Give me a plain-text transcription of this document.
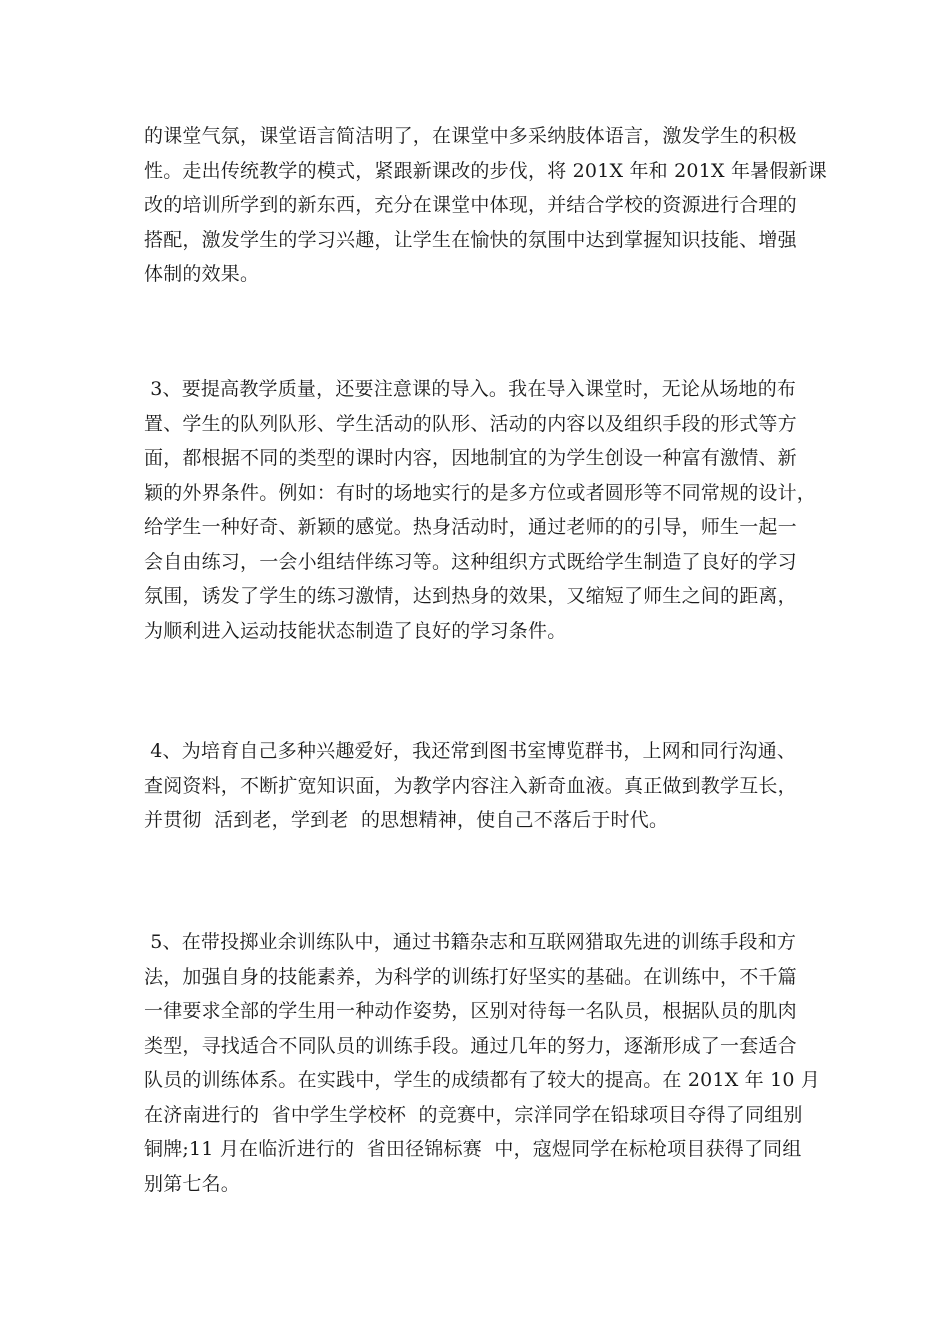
的课堂气氛，课堂语言简洁明了，在课堂中多采纳肢体语言，激发学生的积极
性。走出传统教学的模式，紧跟新课改的步伐，将 201X 年和 201X 年暑假新课
改的培训所学到的新东西，充分在课堂中体现，并结合学校的资源进行合理的
搭配，激发学生的学习兴趣，让学生在愉快的氛围中达到掌握知识技能、增强
体制的效果。
3、要提高教学质量，还要注意课的导入。我在导入课堂时，无论从场地的布
置、学生的队列队形、学生活动的队形、活动的内容以及组织手段的形式等方
面，都根据不同的类型的课时内容，因地制宜的为学生创设一种富有激情、新
颖的外界条件。例如：有时的场地实行的是多方位或者圆形等不同常规的设计，
给学生一种好奇、新颖的感觉。热身活动时，通过老师的的引导，师生一起一
会自由练习，一会小组结伴练习等。这种组织方式既给学生制造了良好的学习
氛围，诱发了学生的练习激情，达到热身的效果，又缩短了师生之间的距离，
为顺利进入运动技能状态制造了良好的学习条件。
4、为培育自己多种兴趣爱好，我还常到图书室博览群书，上网和同行沟通、
查阅资料，不断扩宽知识面，为教学内容注入新奇血液。真正做到教学互长，
并贯彻  活到老，学到老  的思想精神，使自己不落后于时代。
5、在带投掷业余训练队中，通过书籍杂志和互联网猎取先进的训练手段和方
法，加强自身的技能素养，为科学的训练打好坚实的基础。在训练中，不千篇
一律要求全部的学生用一种动作姿势，区别对待每一名队员，根据队员的肌肉
类型，寻找适合不同队员的训练手段。通过几年的努力，逐渐形成了一套适合
队员的训练体系。在实践中，学生的成绩都有了较大的提高。在 201X 年 10 月
在济南进行的  省中学生学校杯  的竞赛中，宗洋同学在铅球项目夺得了同组别
铜牌;11 月在临沂进行的  省田径锦标赛  中，寇煜同学在标枪项目获得了同组
别第七名。
